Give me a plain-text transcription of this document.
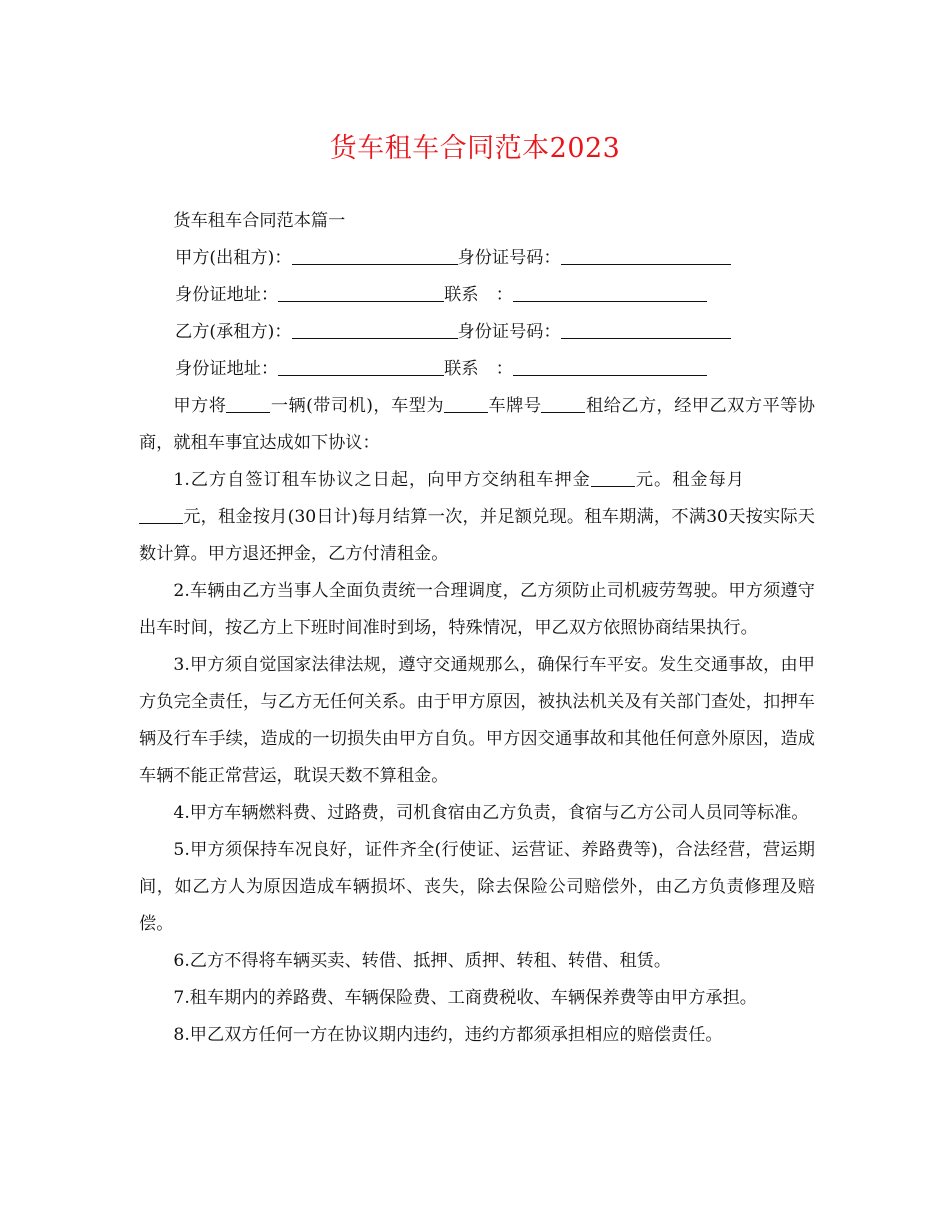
货车租车合同范本2023

货车租车合同范本篇一

甲方(出租方)：	身份证号码：

身份证地址：	联系　：

乙方(承租方)：	身份证号码：

身份证地址：	联系　：

甲方将	一辆(带司机)，车型为	车牌号	租给乙方，经甲乙双方平等协商，就租车事宜达成如下协议：

1.乙方自签订租车协议之日起，向甲方交纳租车押金	元。租金每月元，租金按月(30日计)每月结算一次，并足额兑现。租车期满，不满30天按实际天数计算。甲方退还押金，乙方付清租金。

2.车辆由乙方当事人全面负责统一合理调度，乙方须防止司机疲劳驾驶。甲方须遵守出车时间，按乙方上下班时间准时到场，特殊情况，甲乙双方依照协商结果执行。

3.甲方须自觉国家法律法规，遵守交通规那么，确保行车平安。发生交通事故，由甲方负完全责任，与乙方无任何关系。由于甲方原因，被执法机关及有关部门查处，扣押车辆及行车手续，造成的一切损失由甲方自负。甲方因交通事故和其他任何意外原因，造成车辆不能正常营运，耽误天数不算租金。

4.甲方车辆燃料费、过路费，司机食宿由乙方负责，食宿与乙方公司人员同等标准。

5.甲方须保持车况良好，证件齐全(行使证、运营证、养路费等)，合法经营，营运期间，如乙方人为原因造成车辆损坏、丧失，除去保险公司赔偿外，由乙方负责修理及赔偿。

6.乙方不得将车辆买卖、转借、抵押、质押、转租、转借、租赁。

7.租车期内的养路费、车辆保险费、工商费税收、车辆保养费等由甲方承担。

8.甲乙双方任何一方在协议期内违约，违约方都须承担相应的赔偿责任。
